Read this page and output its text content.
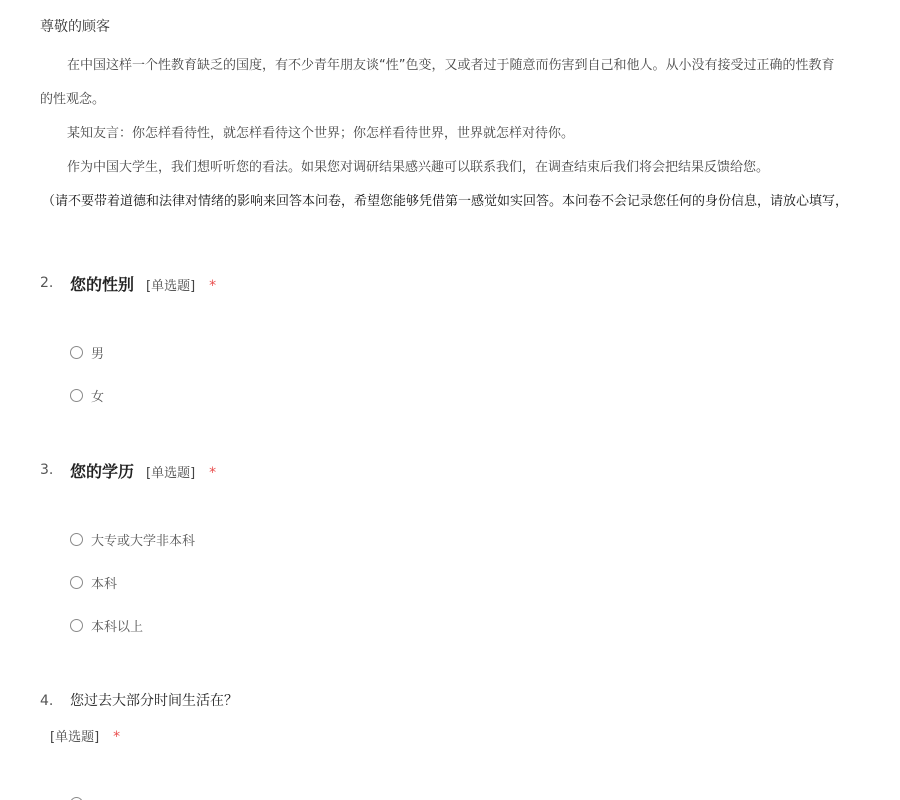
尊敬的顾客
在中国这样一个性教育缺乏的国度，有不少青年朋友谈“性”色变，又或者过于随意而伤害到自己和他人。从小没有接受过正确的性教育
的性观念。
某知友言：你怎样看待性，就怎样看待这个世界；你怎样看待世界，世界就怎样对待你。
作为中国大学生，我们想听听您的看法。如果您对调研结果感兴趣可以联系我们，在调查结束后我们将会把结果反馈给您。
（请不要带着道德和法律对情绪的影响来回答本问卷，希望您能够凭借第一感觉如实回答。本问卷不会记录您任何的身份信息，请放心填写，
2. 您的性别 [单选题] *
男
女
3. 您的学历 [单选题] *
大专或大学非本科
本科
本科以上
4. 您过去大部分时间生活在？
[单选题] *
